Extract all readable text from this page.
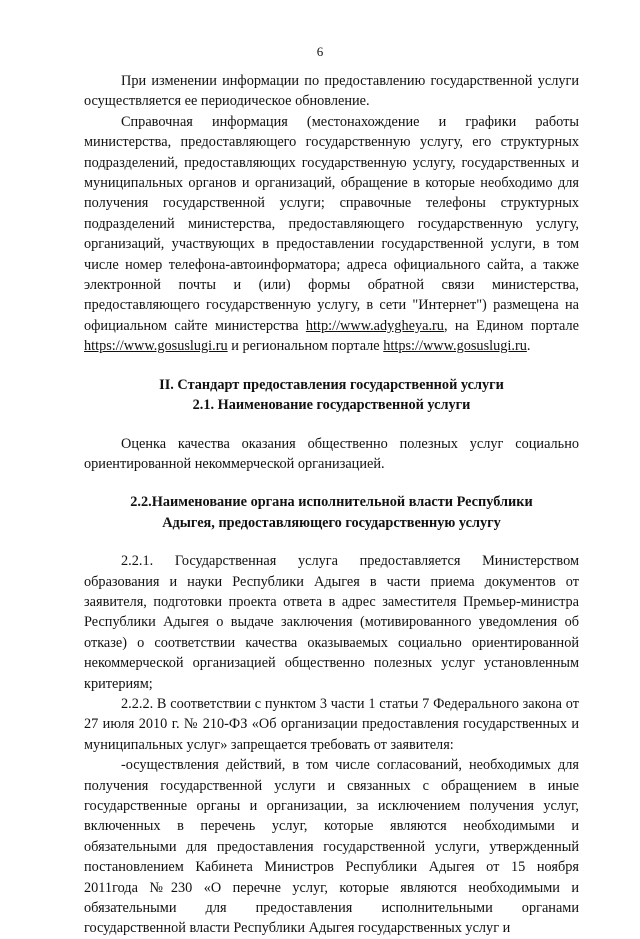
6

При изменении информации по предоставлению государственной услуги осуществляется ее периодическое обновление.

Справочная информация (местонахождение и графики работы министерства, предоставляющего государственную услугу, его структурных подразделений, предоставляющих государственную услугу, государственных и муниципальных органов и организаций, обращение в которые необходимо для получения государственной услуги; справочные телефоны структурных подразделений министерства, предоставляющего государственную услугу, организаций, участвующих в предоставлении государственной услуги, в том числе номер телефона-автоинформатора; адреса официального сайта, а также электронной почты и (или) формы обратной связи министерства, предоставляющего государственную услугу, в сети "Интернет") размещена на официальном сайте министерства http://www.adygheya.ru, на Едином портале https://www.gosuslugi.ru и региональном портале https://www.gosuslugi.ru.

II. Стандарт предоставления государственной услуги

2.1. Наименование государственной услуги

Оценка качества оказания общественно полезных услуг социально ориентированной некоммерческой организацией.

2.2.Наименование органа исполнительной власти Республики

Адыгея, предоставляющего государственную услугу

2.2.1. Государственная услуга предоставляется Министерством образования и науки Республики Адыгея в части приема документов от заявителя, подготовки проекта ответа в адрес заместителя Премьер-министра Республики Адыгея о выдаче заключения (мотивированного уведомления об отказе) о соответствии качества оказываемых социально ориентированной некоммерческой организацией общественно полезных услуг установленным критериям;

2.2.2. В соответствии с пунктом 3 части 1 статьи 7 Федерального закона от 27 июля 2010 г. № 210-ФЗ «Об организации предоставления государственных и муниципальных услуг» запрещается требовать от заявителя:

-осуществления действий, в том числе согласований, необходимых для получения государственной услуги и связанных с обращением в иные государственные органы и организации, за исключением получения услуг, включенных в перечень услуг, которые являются необходимыми и обязательными для предоставления государственной услуги, утвержденный постановлением Кабинета Министров Республики Адыгея от 15 ноября 2011года №230 «О перечне услуг, которые являются необходимыми и обязательными для предоставления исполнительными органами государственной власти Республики Адыгея государственных услуг и
